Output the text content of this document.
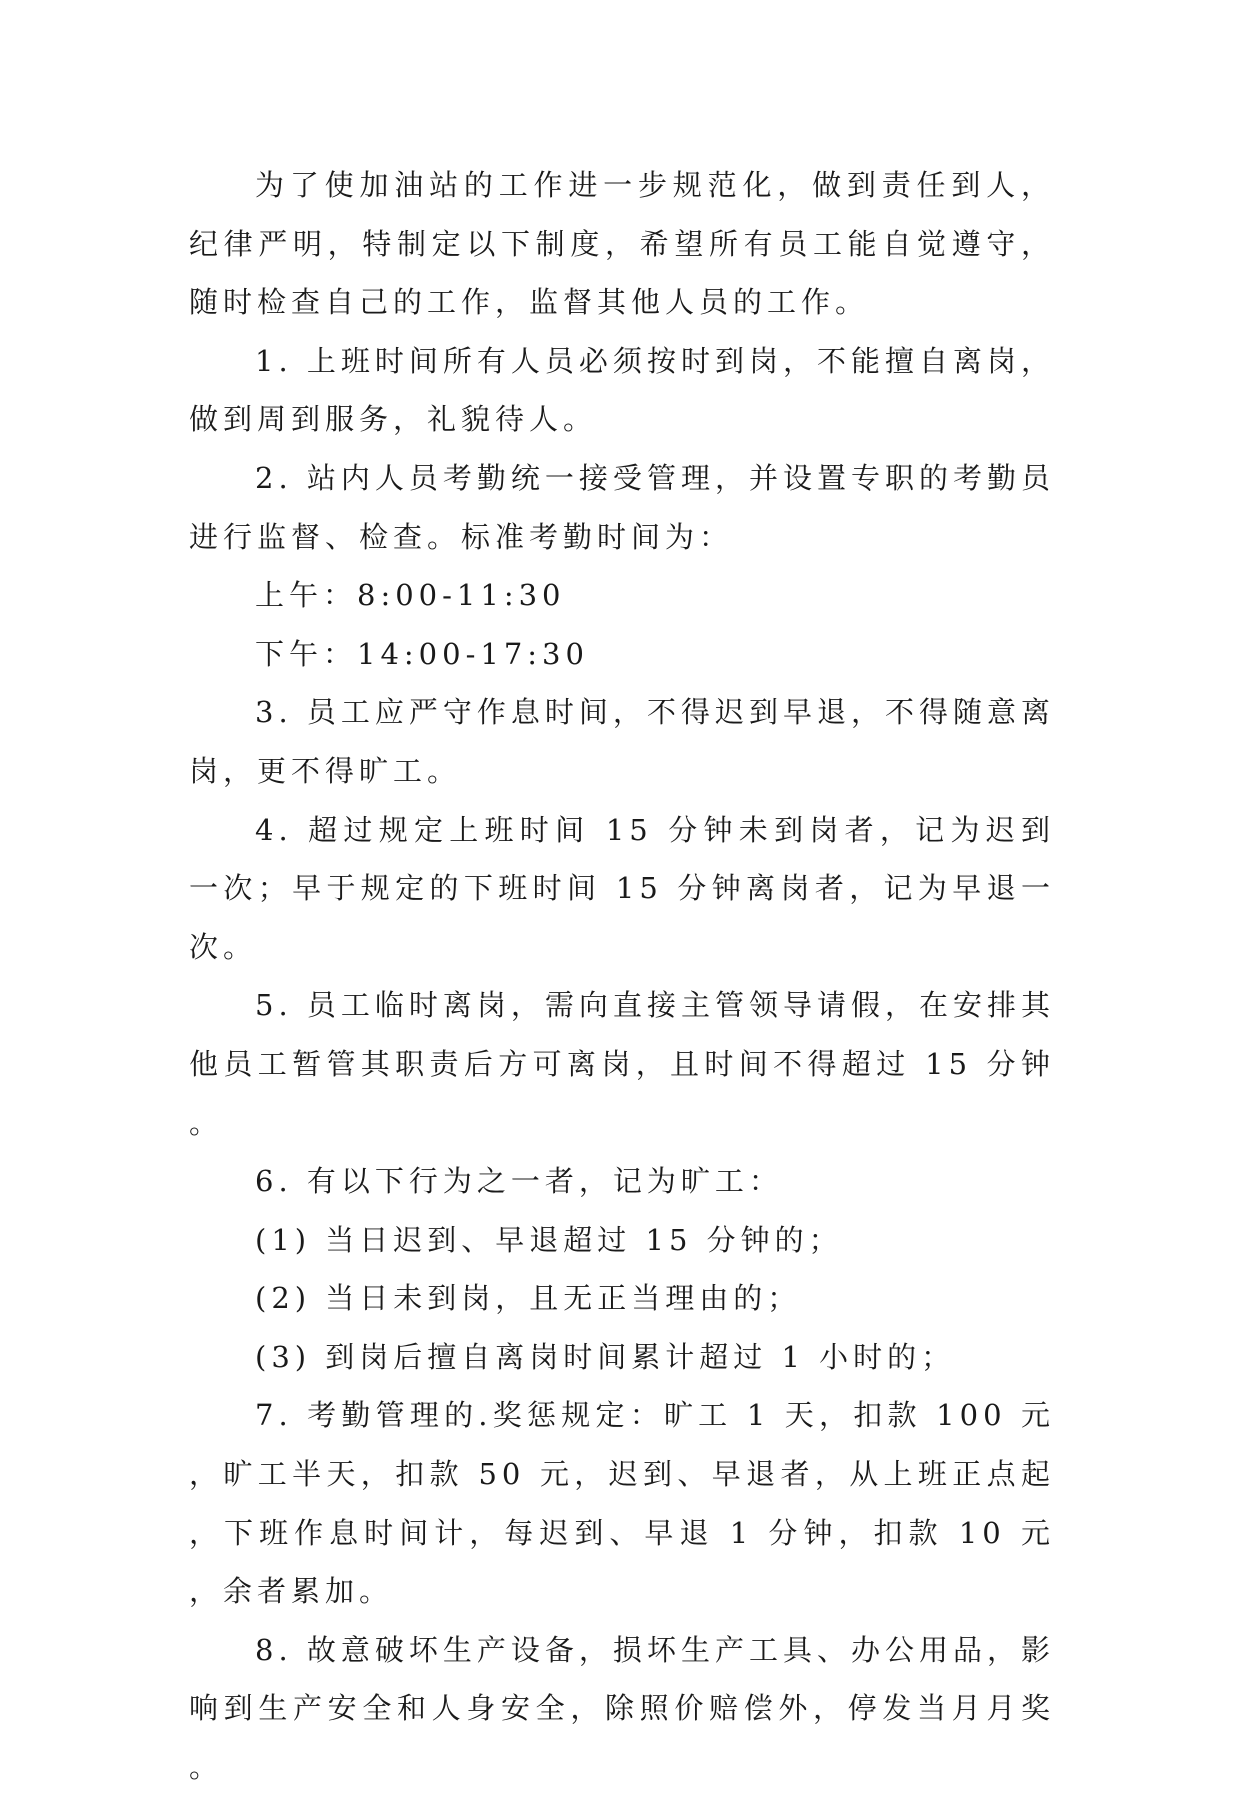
为了使加油站的工作进一步规范化，做到责任到人，纪律严明，特制定以下制度，希望所有员工能自觉遵守，随时检查自己的工作，监督其他人员的工作。

1. 上班时间所有人员必须按时到岗，不能擅自离岗，做到周到服务，礼貌待人。

2. 站内人员考勤统一接受管理，并设置专职的考勤员进行监督、检查。标准考勤时间为：

上午：8:00-11:30

下午：14:00-17:30

3. 员工应严守作息时间，不得迟到早退，不得随意离岗，更不得旷工。

4. 超过规定上班时间 15 分钟未到岗者，记为迟到一次；早于规定的下班时间 15 分钟离岗者，记为早退一次。

5. 员工临时离岗，需向直接主管领导请假，在安排其他员工暂管其职责后方可离岗，且时间不得超过 15 分钟。

6. 有以下行为之一者，记为旷工：

(1) 当日迟到、早退超过 15 分钟的；

(2) 当日未到岗，且无正当理由的；

(3) 到岗后擅自离岗时间累计超过 1 小时的；

7. 考勤管理的.奖惩规定：旷工 1 天，扣款 100 元，旷工半天，扣款 50 元，迟到、早退者，从上班正点起，下班作息时间计，每迟到、早退 1 分钟，扣款 10 元，余者累加。

8. 故意破坏生产设备，损坏生产工具、办公用品，影响到生产安全和人身安全，除照价赔偿外，停发当月月奖。
